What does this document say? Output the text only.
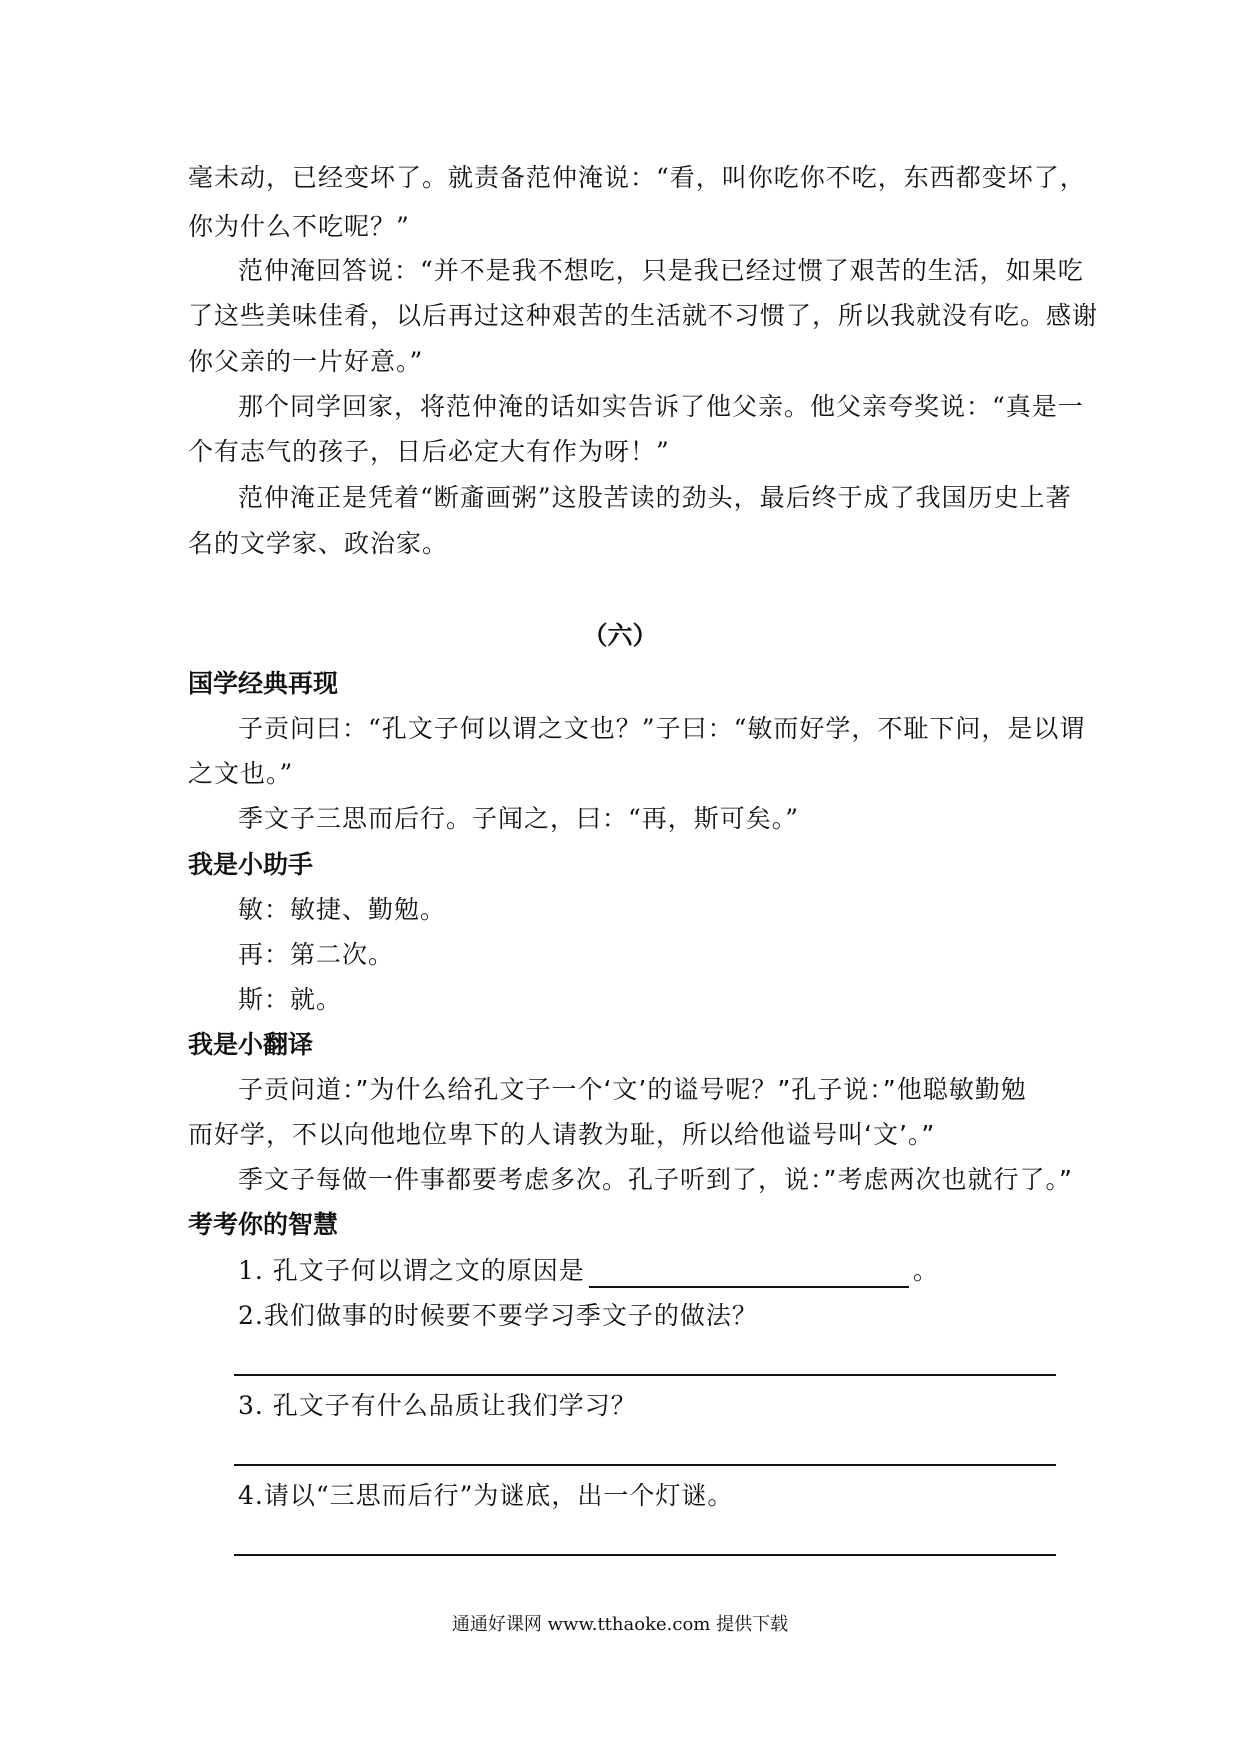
毫未动，已经变坏了。就责备范仲淹说：“看，叫你吃你不吃，东西都变坏了，
你为什么不吃呢？”
范仲淹回答说：“并不是我不想吃，只是我已经过惯了艰苦的生活，如果吃
了这些美味佳肴，以后再过这种艰苦的生活就不习惯了，所以我就没有吃。感谢
你父亲的一片好意。”
那个同学回家，将范仲淹的话如实告诉了他父亲。他父亲夸奖说：“真是一
个有志气的孩子，日后必定大有作为呀！”
范仲淹正是凭着“断齑画粥”这股苦读的劲头，最后终于成了我国历史上著
名的文学家、政治家。
（六）
国学经典再现
子贡问曰：“孔文子何以谓之文也？”子曰：“敏而好学，不耻下问，是以谓
之文也。”
季文子三思而后行。子闻之，曰：“再，斯可矣。”
我是小助手
敏：敏捷、勤勉。
再：第二次。
斯：就。
我是小翻译
子贡问道：”为什么给孔文子一个‘文’的谥号呢？”孔子说：”他聪敏勤勉
而好学，不以向他地位卑下的人请教为耻，所以给他谥号叫‘文’。”
季文子每做一件事都要考虑多次。孔子听到了，说：”考虑两次也就行了。”
考考你的智慧
1. 孔文子何以谓之文的原因是	。
2.我们做事的时候要不要学习季文子的做法？
3. 孔文子有什么品质让我们学习？
4.请以“三思而后行”为谜底，出一个灯谜。
通通好课网 www.tthaoke.com 提供下载
